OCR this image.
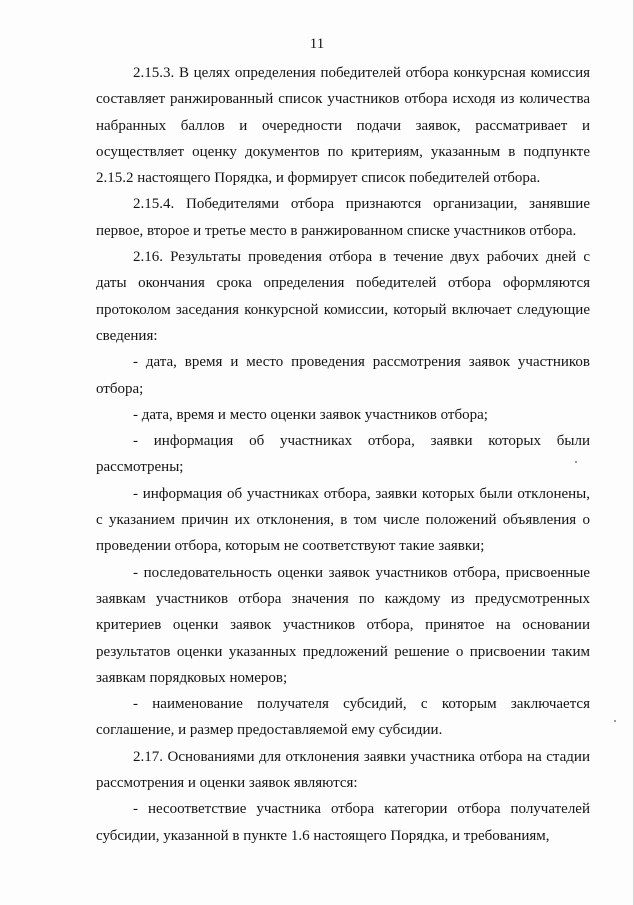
11

2.15.3. В целях определения победителей отбора конкурсная комиссия составляет ранжированный список участников отбора исходя из количества набранных баллов и очередности подачи заявок, рассматривает и осуществляет оценку документов по критериям, указанным в подпункте 2.15.2 настоящего Порядка, и формирует список победителей отбора.

2.15.4. Победителями отбора признаются организации, занявшие первое, второе и третье место в ранжированном списке участников отбора.

2.16. Результаты проведения отбора в течение двух рабочих дней с даты окончания срока определения победителей отбора оформляются протоколом заседания конкурсной комиссии, который включает следующие сведения:

- дата, время и место проведения рассмотрения заявок участников отбора;

- дата, время и место оценки заявок участников отбора;

- информация об участниках отбора, заявки которых были рассмотрены;

- информация об участниках отбора, заявки которых были отклонены, с указанием причин их отклонения, в том числе положений объявления о проведении отбора, которым не соответствуют такие заявки;

- последовательность оценки заявок участников отбора, присвоенные заявкам участников отбора значения по каждому из предусмотренных критериев оценки заявок участников отбора, принятое на основании результатов оценки указанных предложений решение о присвоении таким заявкам порядковых номеров;

- наименование получателя субсидий, с которым заключается соглашение, и размер предоставляемой ему субсидии.

2.17. Основаниями для отклонения заявки участника отбора на стадии рассмотрения и оценки заявок являются:

- несоответствие участника отбора категории отбора получателей субсидии, указанной в пункте 1.6 настоящего Порядка, и требованиям,
